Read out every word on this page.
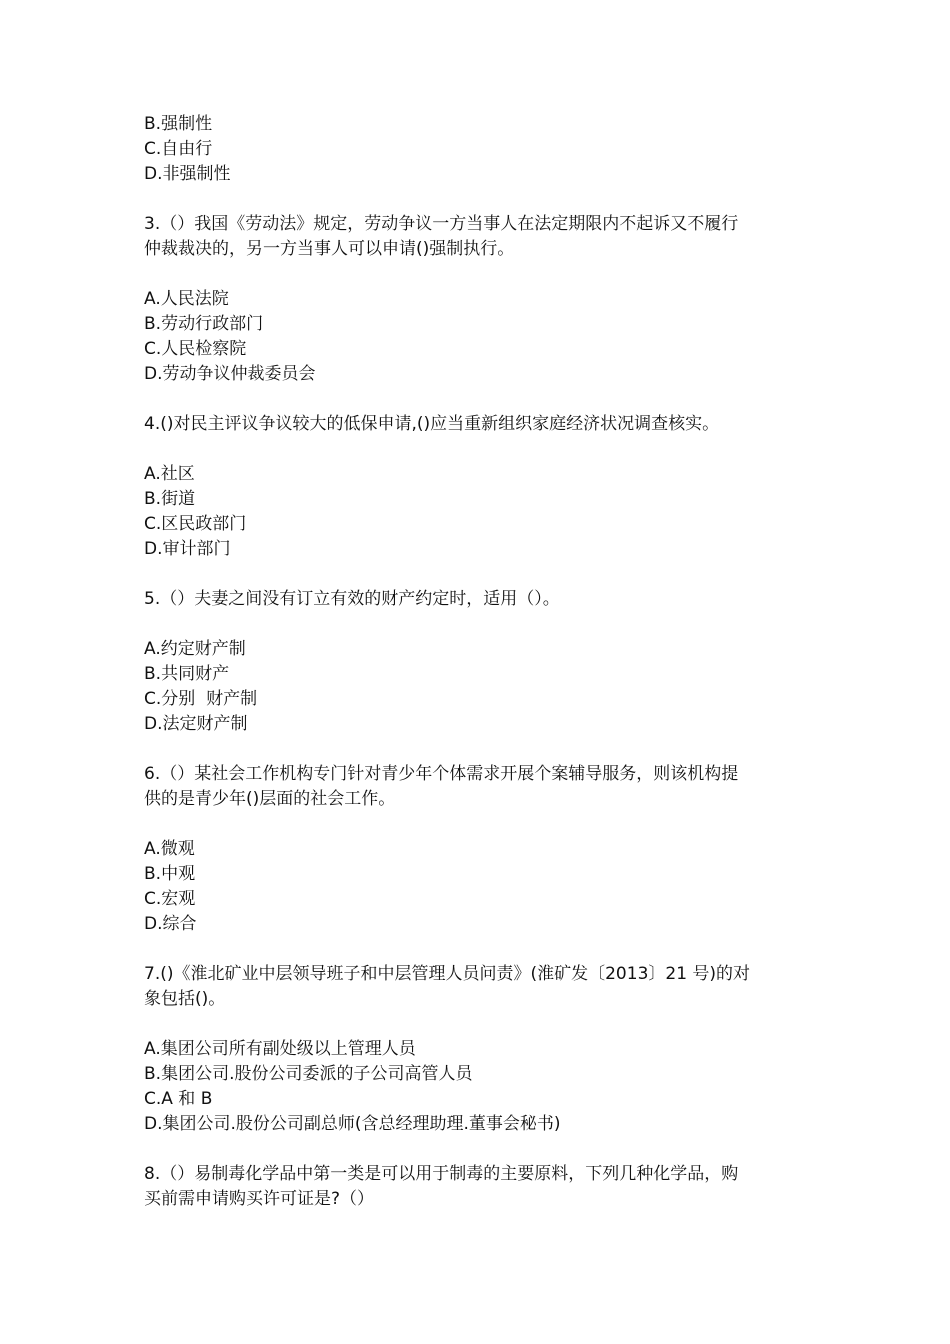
B.强制性
C.自由行
D.非强制性
3.（）我国《劳动法》规定，劳动争议一方当事人在法定期限内不起诉又不履行
仲裁裁决的，另一方当事人可以申请()强制执行。
A.人民法院
B.劳动行政部门
C.人民检察院
D.劳动争议仲裁委员会
4.()对民主评议争议较大的低保申请,()应当重新组织家庭经济状况调查核实。
A.社区
B.街道
C.区民政部门
D.审计部门
5.（）夫妻之间没有订立有效的财产约定时，适用（）。
A.约定财产制
B.共同财产
C.分别  财产制
D.法定财产制
6.（）某社会工作机构专门针对青少年个体需求开展个案辅导服务，则该机构提
供的是青少年()层面的社会工作。
A.微观
B.中观
C.宏观
D.综合
7.()《淮北矿业中层领导班子和中层管理人员问责》(淮矿发〔2013〕21 号)的对
象包括()。
A.集团公司所有副处级以上管理人员
B.集团公司.股份公司委派的子公司高管人员
C.A 和 B
D.集团公司.股份公司副总师(含总经理助理.董事会秘书)
8.（）易制毒化学品中第一类是可以用于制毒的主要原料，下列几种化学品，购
买前需申请购买许可证是?（）
